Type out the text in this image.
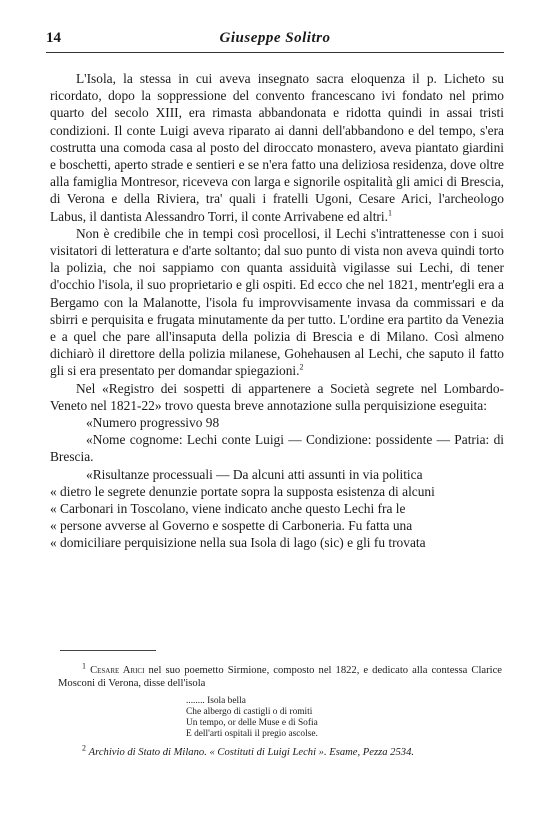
14	Giuseppe Solitro

L'Isola, la stessa in cui aveva insegnato sacra eloquenza il p. Licheto su ricordato, dopo la soppressione del convento francescano ivi fondato nel primo quarto del secolo XIII, era rimasta abbandonata e ridotta quindi in assai tristi condizioni. Il conte Luigi aveva riparato ai danni dell'abbandono e del tempo, s'era costrutta una comoda casa al posto del diroccato monastero, aveva piantato giardini e boschetti, aperto strade e sentieri e se n'era fatto una deliziosa residenza, dove oltre alla famiglia Montresor, riceveva con larga e signorile ospitalità gli amici di Brescia, di Verona e della Riviera, tra' quali i fratelli Ugoni, Cesare Arici, l'archeologo Labus, il dantista Alessandro Torri, il conte Arrivabene ed altri.$^1$

Non è credibile che in tempi così procellosi, il Lechi s'intrattenesse con i suoi visitatori di letteratura e d'arte soltanto; dal suo punto di vista non aveva quindi torto la polizia, che noi sappiamo con quanta assiduità vigilasse sui Lechi, di tener d'occhio l'isola, il suo proprietario e gli ospiti. Ed ecco che nel 1821, mentr'egli era a Bergamo con la Malanotte, l'isola fu improvvisamente invasa da commissari e da sbirri e perquisita e frugata minutamente da per tutto. L'ordine era partito da Venezia e a quel che pare all'insaputa della polizia di Brescia e di Milano. Così almeno dichiarò il direttore della polizia milanese, Gohehausen al Lechi, che saputo il fatto gli si era presentato per domandar spiegazioni.$^2$

Nel «Registro dei sospetti di appartenere a Società segrete nel Lombardo-Veneto nel 1821-22» trovo questa breve annotazione sulla perquisizione eseguita:

«Numero progressivo 98
«Nome cognome: Lechi conte Luigi — Condizione: possidente — Patria: di Brescia.
«Risultanze processuali — Da alcuni atti assunti in via politica
« dietro le segrete denunzie portate sopra la supposta esistenza di alcuni
« Carbonari in Toscolano, viene indicato anche questo Lechi fra le
« persone avverse al Governo e sospette di Carboneria. Fu fatta una
« domiciliare perquisizione nella sua Isola di lago (sic) e gli fu trovata

$^1$ Cesare Arici nel suo poemetto Sirmione, composto nel 1822, e dedicato alla contessa Clarice Mosconi di Verona, disse dell'isola

........ Isola bella
Che albergo di castigli o di romiti
Un tempo, or delle Muse e di Sofia
E dell'arti ospitali il pregio ascolse.

$^2$ Archivio di Stato di Milano. « Costituti di Luigi Lechi ». Esame, Pezza 2534.
